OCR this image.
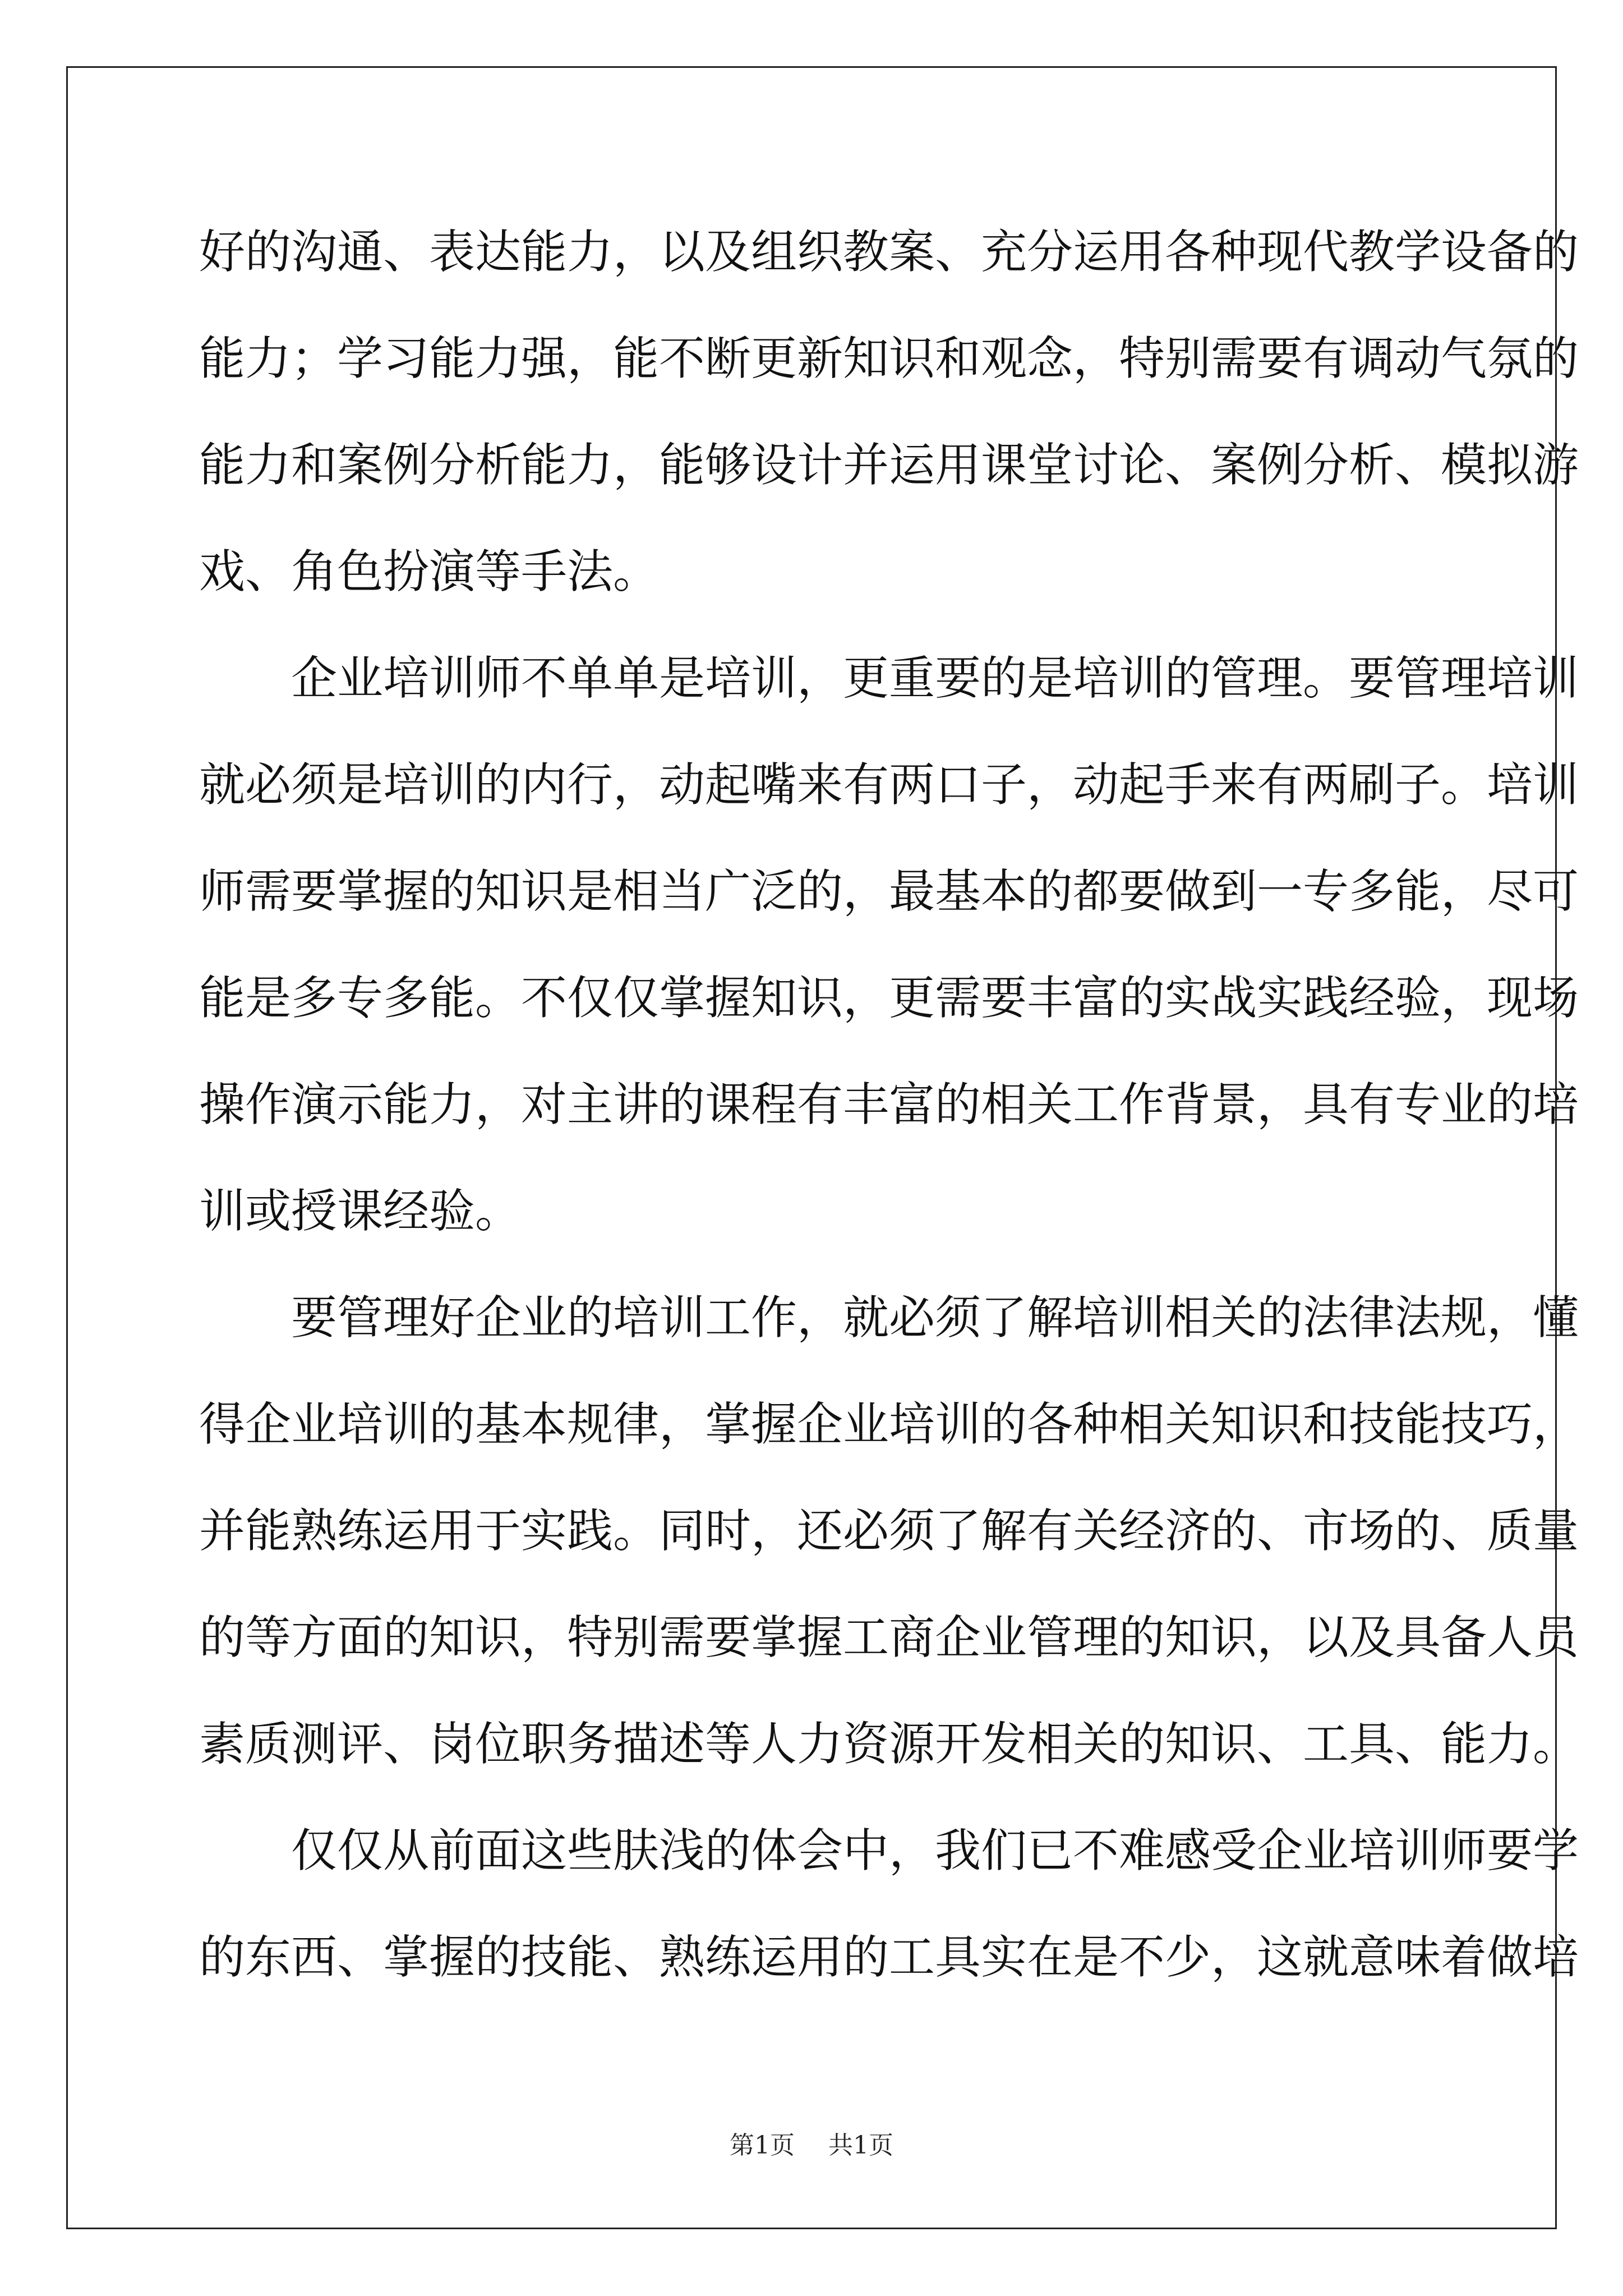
好的沟通、表达能力，以及组织教案、充分运用各种现代教学设备的
能力；学习能力强，能不断更新知识和观念，特别需要有调动气氛的
能力和案例分析能力，能够设计并运用课堂讨论、案例分析、模拟游
戏、角色扮演等手法。
　　企业培训师不单单是培训，更重要的是培训的管理。要管理培训
就必须是培训的内行，动起嘴来有两口子，动起手来有两刷子。培训
师需要掌握的知识是相当广泛的，最基本的都要做到一专多能，尽可
能是多专多能。不仅仅掌握知识，更需要丰富的实战实践经验，现场
操作演示能力，对主讲的课程有丰富的相关工作背景，具有专业的培
训或授课经验。
　　要管理好企业的培训工作，就必须了解培训相关的法律法规，懂
得企业培训的基本规律，掌握企业培训的各种相关知识和技能技巧，
并能熟练运用于实践。同时，还必须了解有关经济的、市场的、质量
的等方面的知识，特别需要掌握工商企业管理的知识，以及具备人员
素质测评、岗位职务描述等人力资源开发相关的知识、工具、能力。
　　仅仅从前面这些肤浅的体会中，我们已不难感受企业培训师要学
的东西、掌握的技能、熟练运用的工具实在是不少，这就意味着做培
第1页 共1页
